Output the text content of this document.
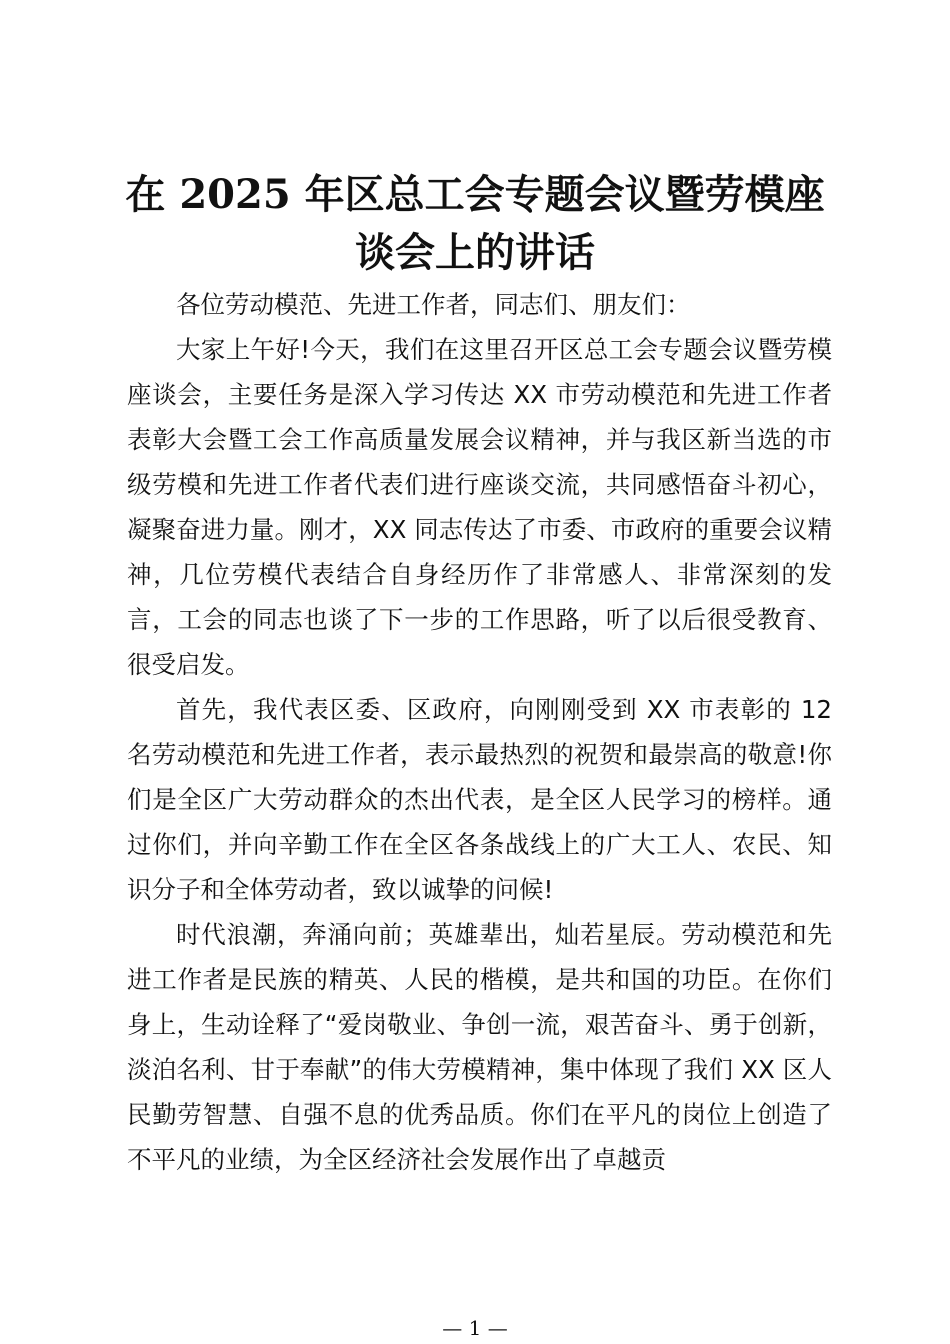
在 2025 年区总工会专题会议暨劳模座
谈会上的讲话

各位劳动模范、先进工作者，同志们、朋友们：

大家上午好!今天，我们在这里召开区总工会专题会议暨劳模座谈会，主要任务是深入学习传达 XX 市劳动模范和先进工作者表彰大会暨工会工作高质量发展会议精神，并与我区新当选的市级劳模和先进工作者代表们进行座谈交流，共同感悟奋斗初心，凝聚奋进力量。刚才，XX 同志传达了市委、市政府的重要会议精神，几位劳模代表结合自身经历作了非常感人、非常深刻的发言，工会的同志也谈了下一步的工作思路，听了以后很受教育、很受启发。

首先，我代表区委、区政府，向刚刚受到 XX 市表彰的 12 名劳动模范和先进工作者，表示最热烈的祝贺和最崇高的敬意!你们是全区广大劳动群众的杰出代表，是全区人民学习的榜样。通过你们，并向辛勤工作在全区各条战线上的广大工人、农民、知识分子和全体劳动者，致以诚挚的问候!

时代浪潮，奔涌向前；英雄辈出，灿若星辰。劳动模范和先进工作者是民族的精英、人民的楷模，是共和国的功臣。在你们身上，生动诠释了“爱岗敬业、争创一流，艰苦奋斗、勇于创新，淡泊名利、甘于奉献”的伟大劳模精神，集中体现了我们 XX 区人民勤劳智慧、自强不息的优秀品质。你们在平凡的岗位上创造了不平凡的业绩，为全区经济社会发展作出了卓越贡

— 1 —
